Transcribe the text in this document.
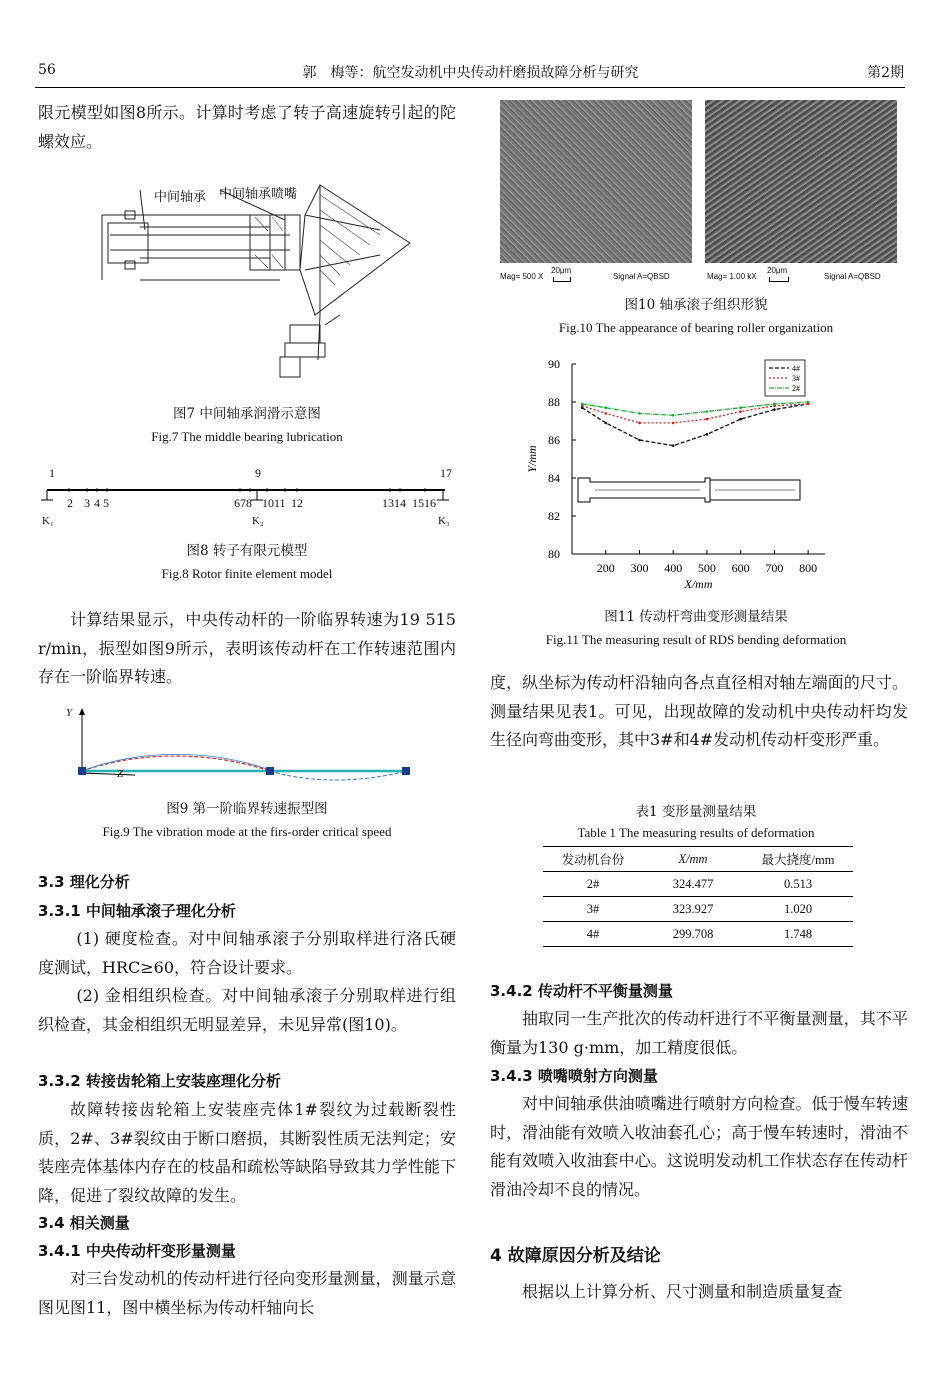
56	郭　梅等：航空发动机中央传动杆磨损故障分析与研究	第2期

限元模型如图8所示。计算时考虑了转子高速旋转引起的陀螺效应。

中间轴承 中间轴承喷嘴
图7 中间轴承润滑示意图
Fig.7 The middle bearing lubrication
1	9	17
2 3 4 5	678 1011 12	1314 1516
K₁	K₂	K₃
图8 转子有限元模型
Fig.8 Rotor finite element model

计算结果显示，中央传动杆的一阶临界转速为19 515 r/min，振型如图9所示，表明该传动杆在工作转速范围内存在一阶临界转速。

Y
Z
图9 第一阶临界转速振型图
Fig.9 The vibration mode at the firs-order critical speed
3.3 理化分析
3.3.1 中间轴承滚子理化分析

(1) 硬度检查。对中间轴承滚子分别取样进行洛氏硬度测试，HRC≥60，符合设计要求。

(2) 金相组织检查。对中间轴承滚子分别取样进行组织检查，其金相组织无明显差异，未见异常(图10)。

3.3.2 转接齿轮箱上安装座理化分析

故障转接齿轮箱上安装座壳体1#裂纹为过载断裂性质，2#、3#裂纹由于断口磨损，其断裂性质无法判定；安装座壳体基体内存在的枝晶和疏松等缺陷导致其力学性能下降，促进了裂纹故障的发生。

3.4 相关测量
3.4.1 中央传动杆变形量测量

对三台发动机的传动杆进行径向变形量测量，测量示意图见图11，图中横坐标为传动杆轴向长

Mag= 500 X
20μm
Signal A=QBSD	Mag= 1.00 kX
20μm
Signal A=QBSD
图10 轴承滚子组织形貌
Fig.10 The appearance of bearing roller organization
80
82
84
86
88
90
200 300 400 500 600 700 800
X/mm
Y/mm
4#
3#
2#
图11 传动杆弯曲变形测量结果
Fig.11 The measuring result of RDS bending deformation

度，纵坐标为传动杆沿轴向各点直径相对轴左端面的尺寸。测量结果见表1。可见，出现故障的发动机中央传动杆均发生径向弯曲变形，其中3#和4#发动机传动杆变形严重。

表1 变形量测量结果
Table 1 The measuring results of deformation
发动机台份	X/mm	最大挠度/mm
2#	324.477	0.513
3#	323.927	1.020
4#	299.708	1.748
3.4.2 传动杆不平衡量测量

抽取同一生产批次的传动杆进行不平衡量测量，其不平衡量为130 g·mm，加工精度很低。

3.4.3 喷嘴喷射方向测量

对中间轴承供油喷嘴进行喷射方向检查。低于慢车转速时，滑油能有效喷入收油套孔心；高于慢车转速时，滑油不能有效喷入收油套中心。这说明发动机工作状态存在传动杆滑油冷却不良的情况。

4 故障原因分析及结论

根据以上计算分析、尺寸测量和制造质量复查
